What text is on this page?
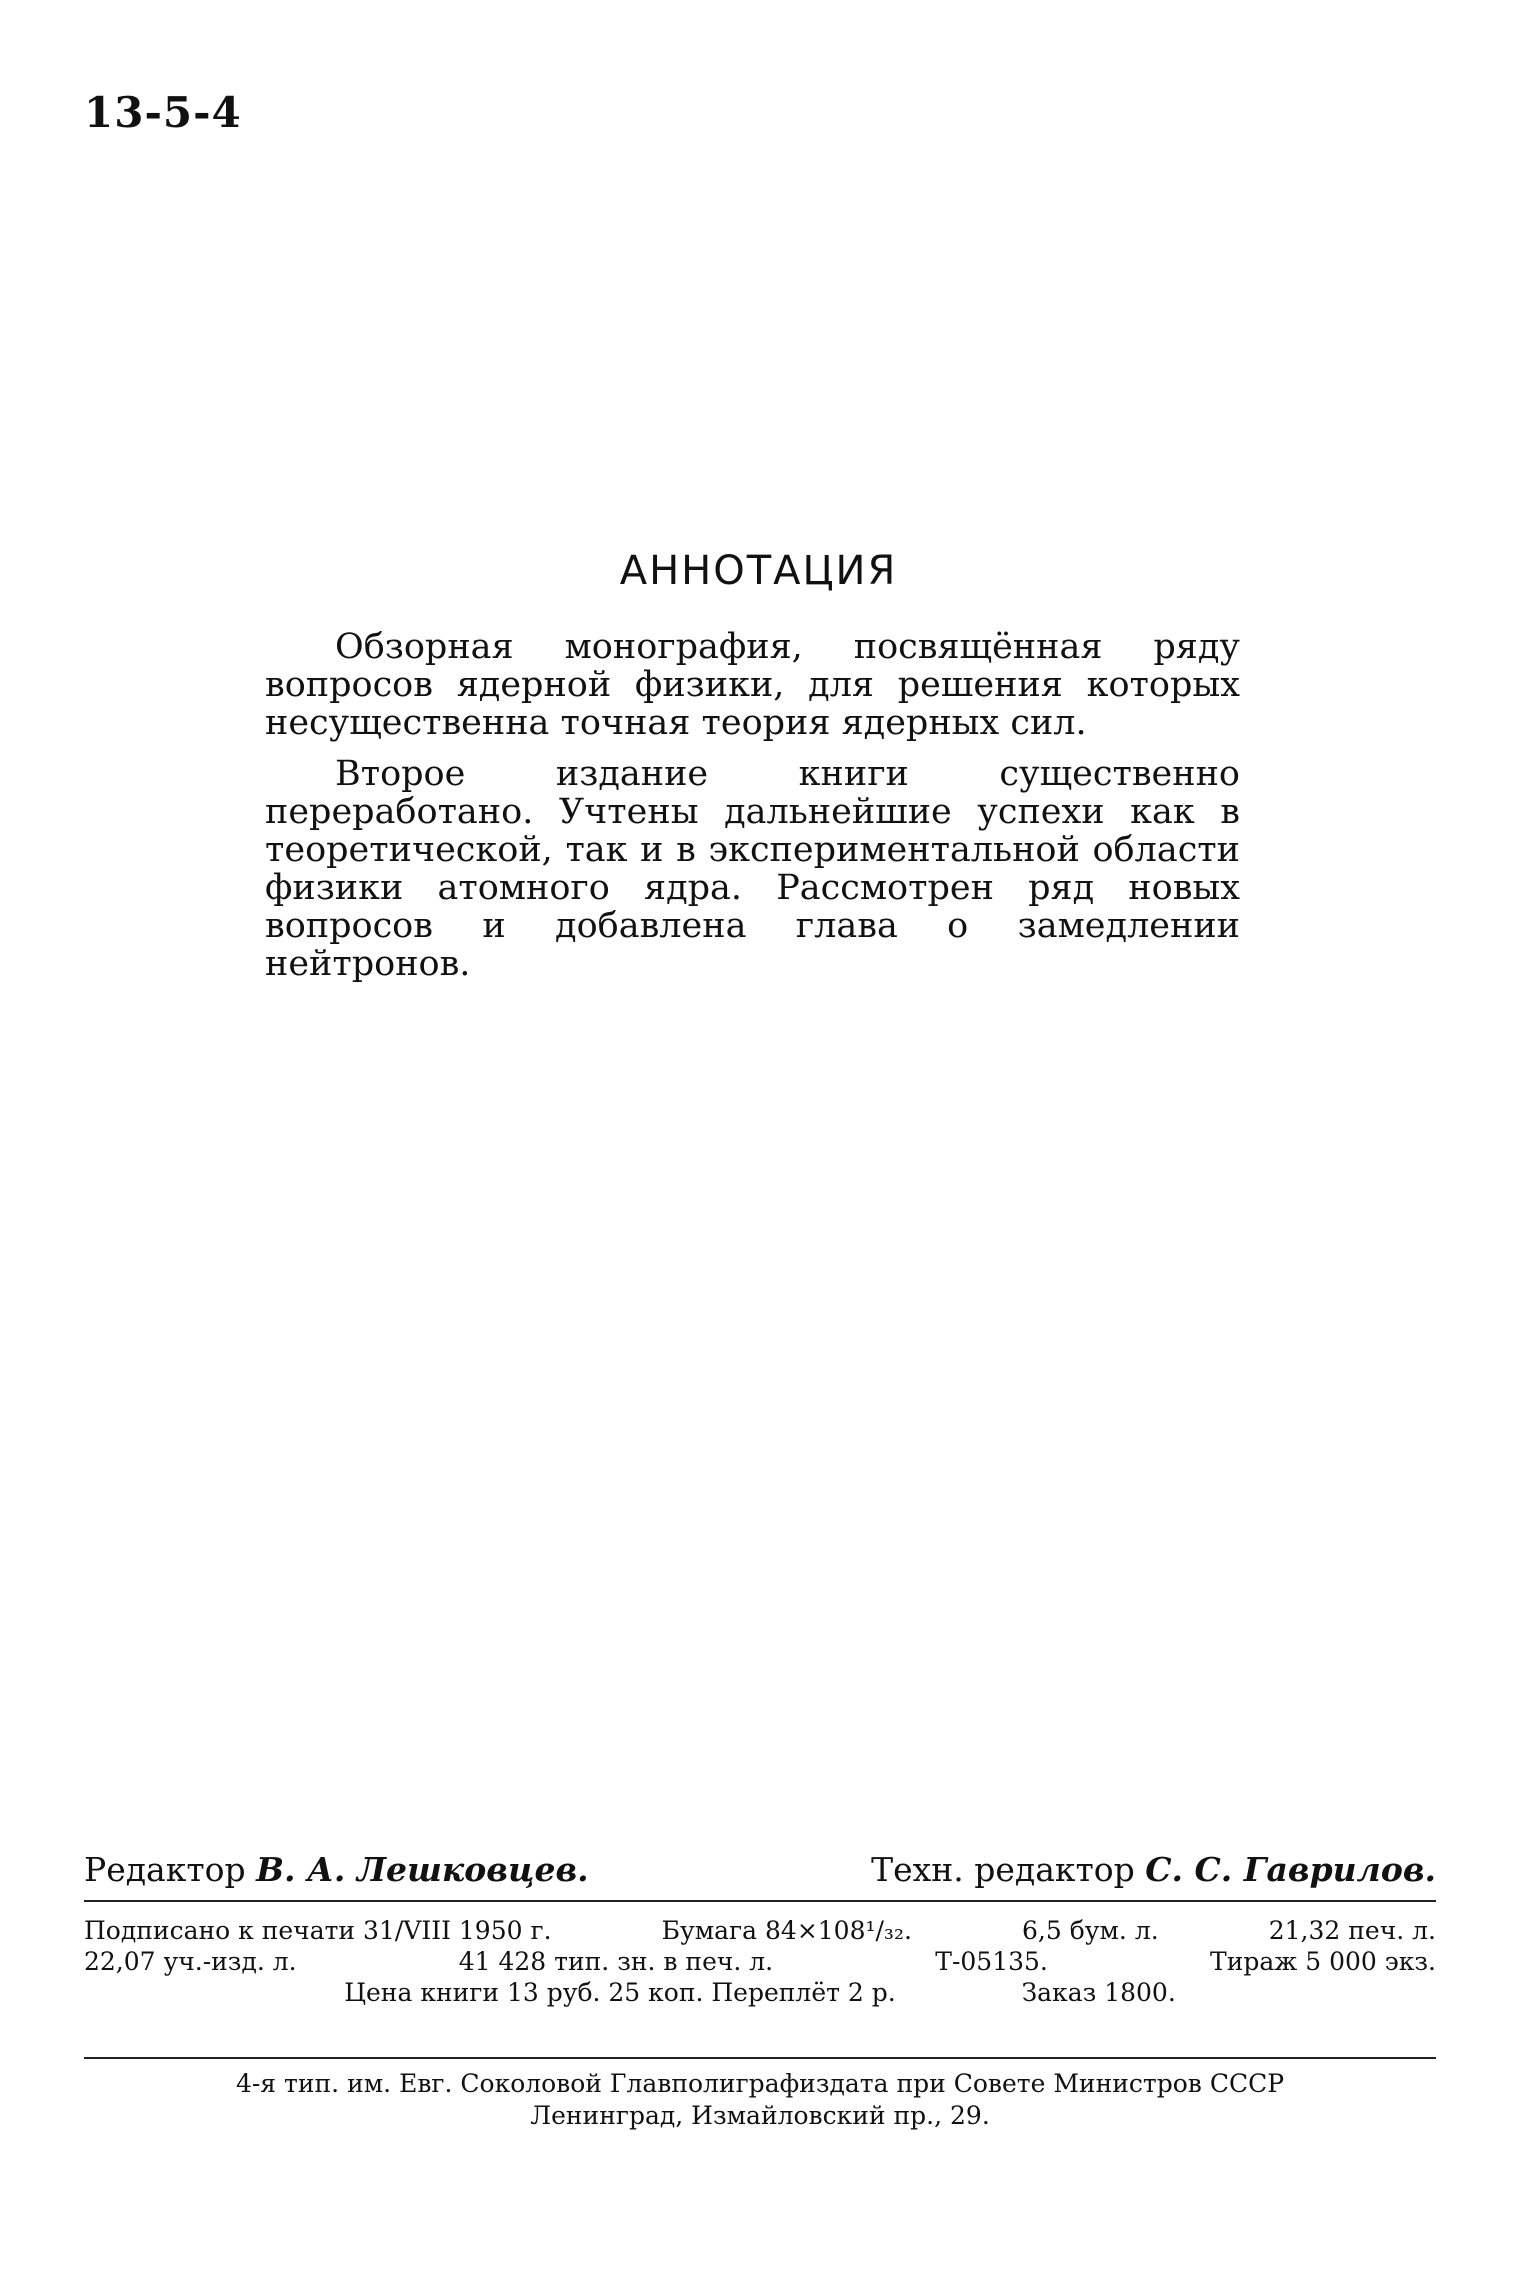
13-5-4
АННОТАЦИЯ

Обзорная монография, посвящённая ряду вопросов ядерной физики, для решения которых несущественна точная теория ядерных сил.

Второе издание книги существенно переработано. Учтены дальнейшие успехи как в теоретической, так и в экспериментальной области физики атомного ядра. Рассмотрен ряд новых вопросов и добавлена глава о замедлении нейтронов.

Редактор В. А. Лешковцев.	Техн. редактор С. С. Гаврилов.
Подписано к печати 31/VIII 1950 г.	Бумага 84×108¹/₃₂.	6,5 бум. л.	21,32 печ. л.
22,07 уч.-изд. л.	41 428 тип. зн. в печ. л.	Т-05135.	Тираж 5 000 экз.
Цена книги 13 руб. 25 коп. Переплёт 2 р.	Заказ 1800.
4-я тип. им. Евг. Соколовой Главполиграфиздата при Совете Министров СССР
Ленинград, Измайловский пр., 29.
